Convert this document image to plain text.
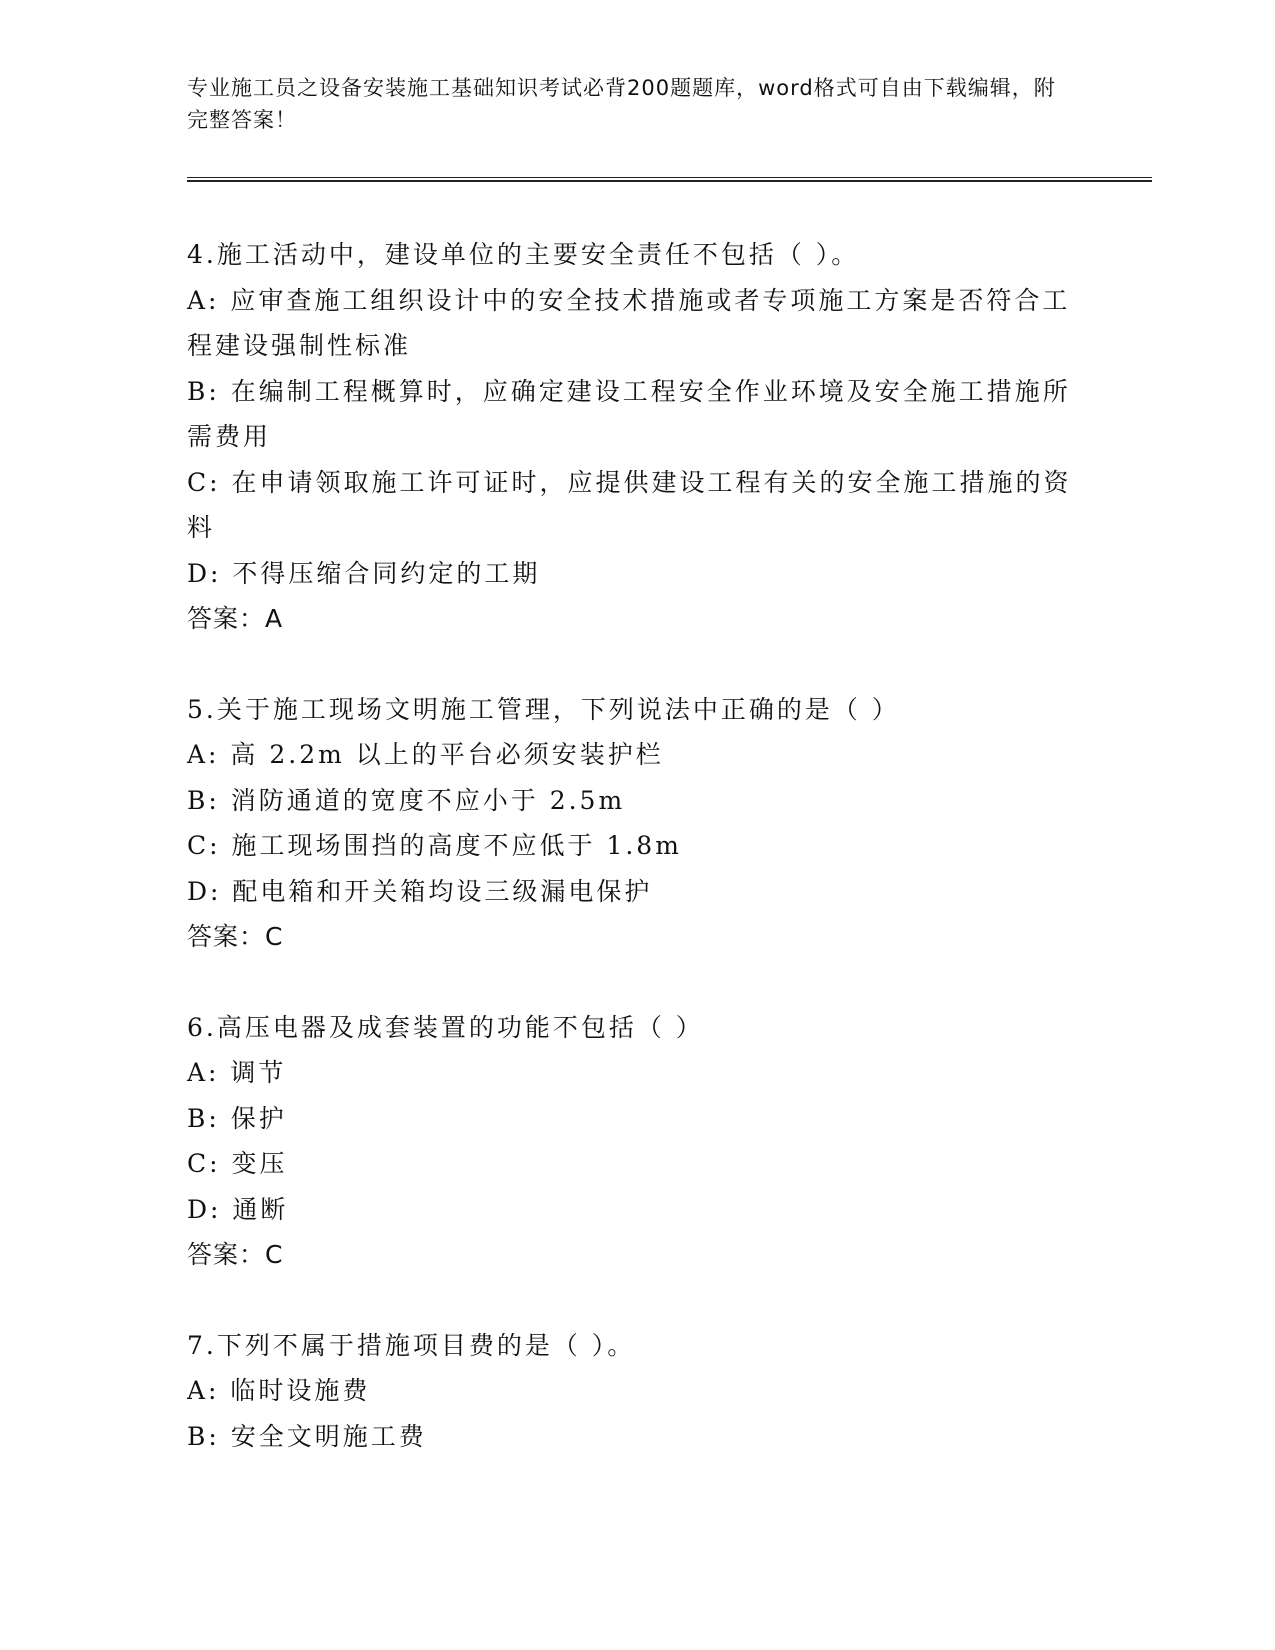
专业施工员之设备安装施工基础知识考试必背200题题库，word格式可自由下载编辑，附完整答案！

4.施工活动中，建设单位的主要安全责任不包括（ ）。

A: 应审查施工组织设计中的安全技术措施或者专项施工方案是否符合工程建设强制性标准

B: 在编制工程概算时，应确定建设工程安全作业环境及安全施工措施所需费用

C: 在申请领取施工许可证时，应提供建设工程有关的安全施工措施的资料

D: 不得压缩合同约定的工期

答案：A

5.关于施工现场文明施工管理，下列说法中正确的是（ ）

A: 高 2.2m 以上的平台必须安装护栏

B: 消防通道的宽度不应小于 2.5m

C: 施工现场围挡的高度不应低于 1.8m

D: 配电箱和开关箱均设三级漏电保护

答案：C

6.高压电器及成套装置的功能不包括（ ）

A: 调节

B: 保护

C: 变压

D: 通断

答案：C

7.下列不属于措施项目费的是（ ）。

A: 临时设施费

B: 安全文明施工费
